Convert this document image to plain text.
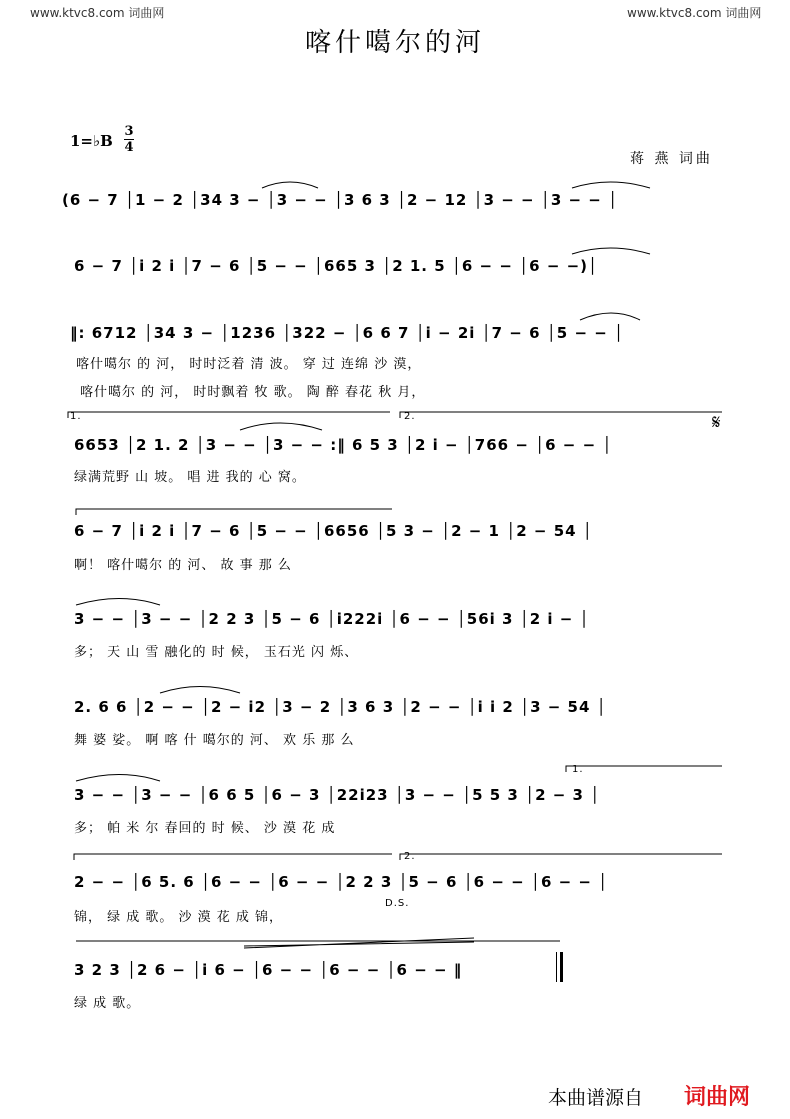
www.ktvc8.com 词曲网	www.ktvc8.com 词曲网
喀什噶尔的河
1=♭B
3
4
蒋 燕 词曲
(6 − 7 │1 − 2 │34 3 − │3 − − │3 6 3 │2 − 12 │3 − − │3 − − │
6 − 7 │i 2 i │7 − 6 │5 − − │665 3 │2 1. 5 │6 − − │6 − −)│
‖: 6712 │34 3 − │1236 │322 − │6 6 7 │i − 2i │7 − 6 │5 − − │
喀什噶尔 的 河， 时时泛着 清 波。 穿 过 连绵 沙 漠，
喀什噶尔 的 河， 时时飘着 牧 歌。 陶 醉 春花 秋 月，
1.	2.	𝄋
6653 │2 1. 2 │3 − − │3 − − :‖ 6 5 3 │2 i − │766 − │6 − − │
绿满荒野 山 坡。 唱 进 我的 心 窝。
6 − 7 │i 2 i │7 − 6 │5 − − │6656 │5 3 − │2 − 1 │2 − 54 │
啊！ 喀什噶尔 的 河、 故 事 那 么
3 − − │3 − − │2 2 3 │5 − 6 │i222i │6 − − │56i 3 │2 i − │
多； 天 山 雪 融化的 时 候， 玉石光 闪 烁、
2. 6 6 │2 − − │2 − i2 │3 − 2 │3 6 3 │2 − − │i i 2 │3 − 54 │
舞 婆 娑。 啊 喀 什 噶尔的 河、 欢 乐 那 么
1.
3 − − │3 − − │6 6 5 │6 − 3 │22i23 │3 − − │5 5 3 │2 − 3 │
多； 帕 米 尔 春回的 时 候、 沙 漠 花 成
2.
2 − − │6 5. 6 │6 − − │6 − − │2 2 3 │5 − 6 │6 − − │6 − − │
D.S.
锦， 绿 成 歌。 沙 漠 花 成 锦，
3 2 3 │2 6 − │i 6 − │6 − − │6 − − │6 − − ‖
绿 成 歌。
本曲谱源自 词曲网
